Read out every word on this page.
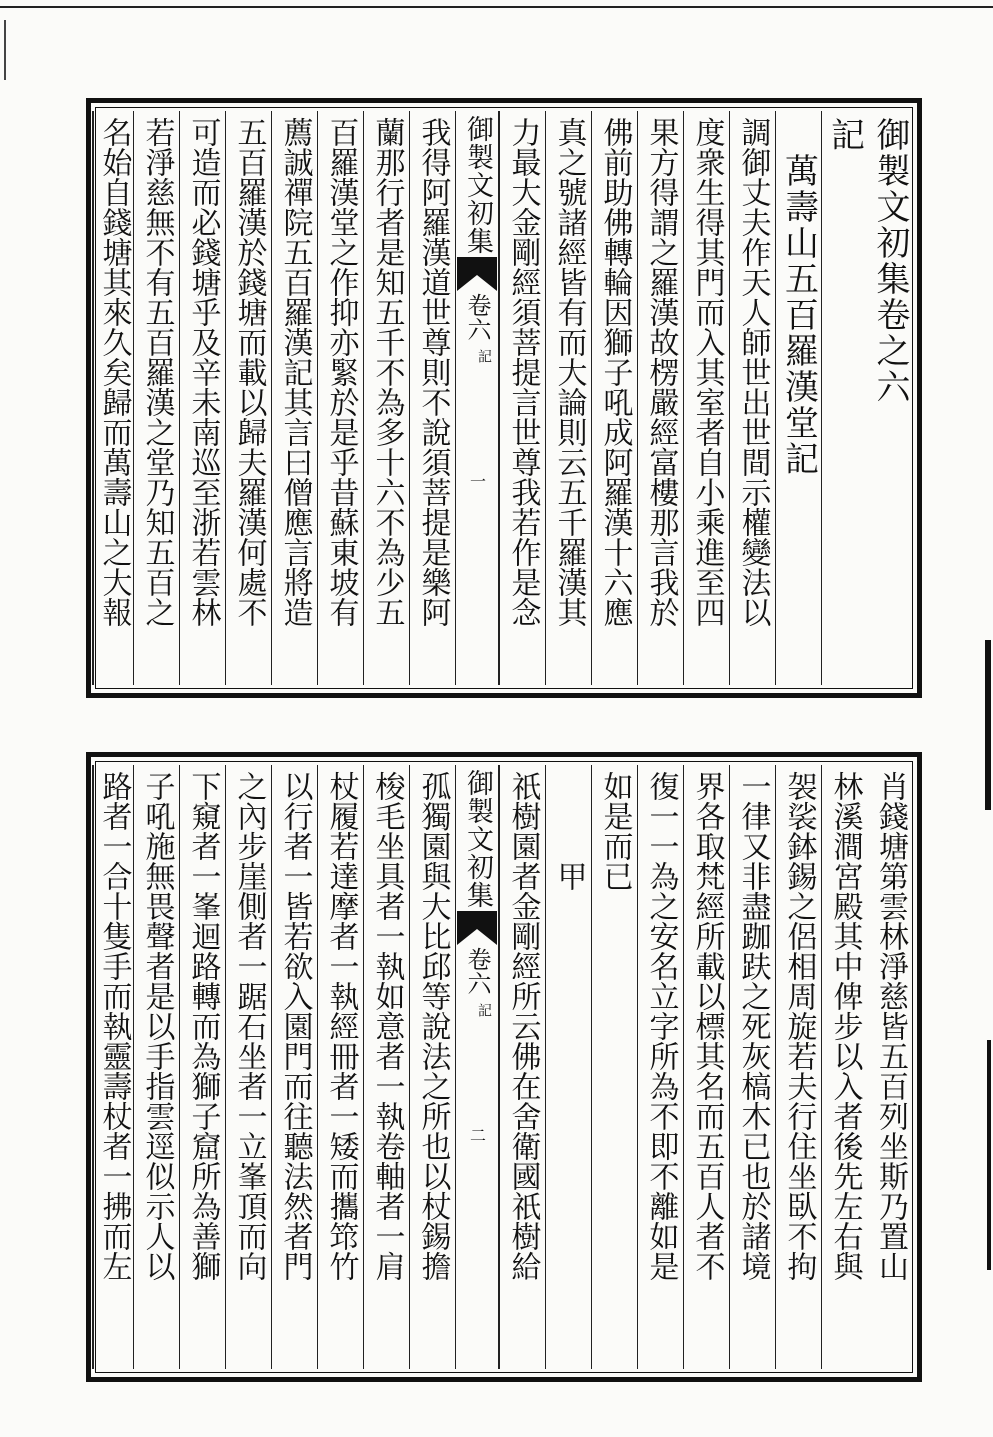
御製文初集卷之六
記
　萬壽山五百羅漢堂記
調御丈夫作天人師世出世間示權變法以
度衆生得其門而入其室者自小乘進至四
果方得謂之羅漢故楞嚴經富樓那言我於
佛前助佛轉輪因獅子吼成阿羅漢十六應
真之號諸經皆有而大論則云五千羅漢其
力最大金剛經須菩提言世尊我若作是念
御製文初集
卷六
記
一
我得阿羅漢道世尊則不說須菩提是樂阿
蘭那行者是知五千不為多十六不為少五
百羅漢堂之作抑亦緊於是乎昔蘇東坡有
薦誠禪院五百羅漢記其言曰僧應言將造
五百羅漢於錢塘而載以歸夫羅漢何處不
可造而必錢塘乎及辛未南巡至浙若雲林
若淨慈無不有五百羅漢之堂乃知五百之
名始自錢塘其來久矣歸而萬壽山之大報
肖錢塘第雲林淨慈皆五百列坐斯乃置山
林溪澗宮殿其中俾步以入者後先左右與
袈裟鉢錫之侶相周旋若夫行住坐臥不拘
一律又非盡跏趺之死灰槁木已也於諸境
界各取梵經所載以標其名而五百人者不
復一一為之安名立字所為不即不離如是
如是而已
　　　甲
祇樹園者金剛經所云佛在舍衛國祇樹給
御製文初集
卷六
記
二
孤獨園與大比邱等說法之所也以杖錫擔
梭毛坐具者一執如意者一執卷軸者一肩
杖履若達摩者一執經冊者一矮而攜筇竹
以行者一皆若欲入園門而往聽法然者門
之內步崖側者一踞石坐者一立峯頂而向
下窺者一峯迴路轉而為獅子窟所為善獅
子吼施無畏聲者是以手指雲逕似示人以
路者一合十隻手而執靈壽杖者一拂而左
